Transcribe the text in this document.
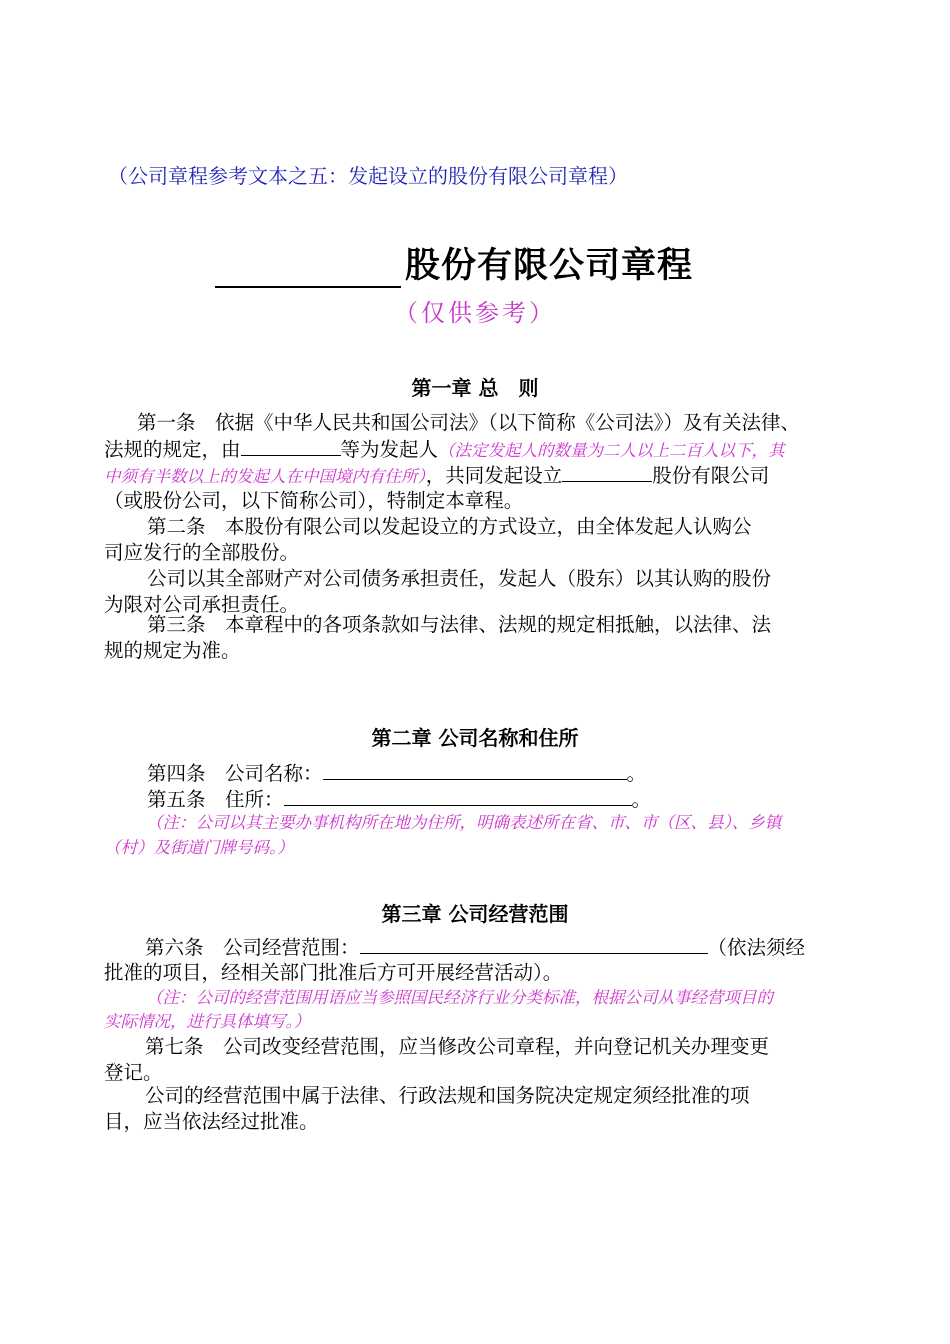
（公司章程参考文本之五：发起设立的股份有限公司章程）
股份有限公司章程
（仅供参考）
第一章 总　则
第一条　依据《中华人民共和国公司法》（以下简称《公司法》）及有关法律、
法规的规定，由	等为发起人（法定发起人的数量为二人以上二百人以下，其
中须有半数以上的发起人在中国境内有住所），共同发起设立	股份有限公司
（或股份公司，以下简称公司），特制定本章程。
第二条　本股份有限公司以发起设立的方式设立，由全体发起人认购公
司应发行的全部股份。
公司以其全部财产对公司债务承担责任，发起人（股东）以其认购的股份
为限对公司承担责任。
第三条　本章程中的各项条款如与法律、法规的规定相抵触，以法律、法
规的规定为准。
第二章 公司名称和住所
第四条　公司名称：	。
第五条　住所：	。
（注：公司以其主要办事机构所在地为住所，明确表述所在省、市、市（区、县）、乡镇
（村）及街道门牌号码。）
第三章 公司经营范围
第六条　公司经营范围：	（依法须经
批准的项目，经相关部门批准后方可开展经营活动）。
（注：公司的经营范围用语应当参照国民经济行业分类标准，根据公司从事经营项目的
实际情况，进行具体填写。）
第七条　公司改变经营范围，应当修改公司章程，并向登记机关办理变更
登记。
公司的经营范围中属于法律、行政法规和国务院决定规定须经批准的项
目，应当依法经过批准。
